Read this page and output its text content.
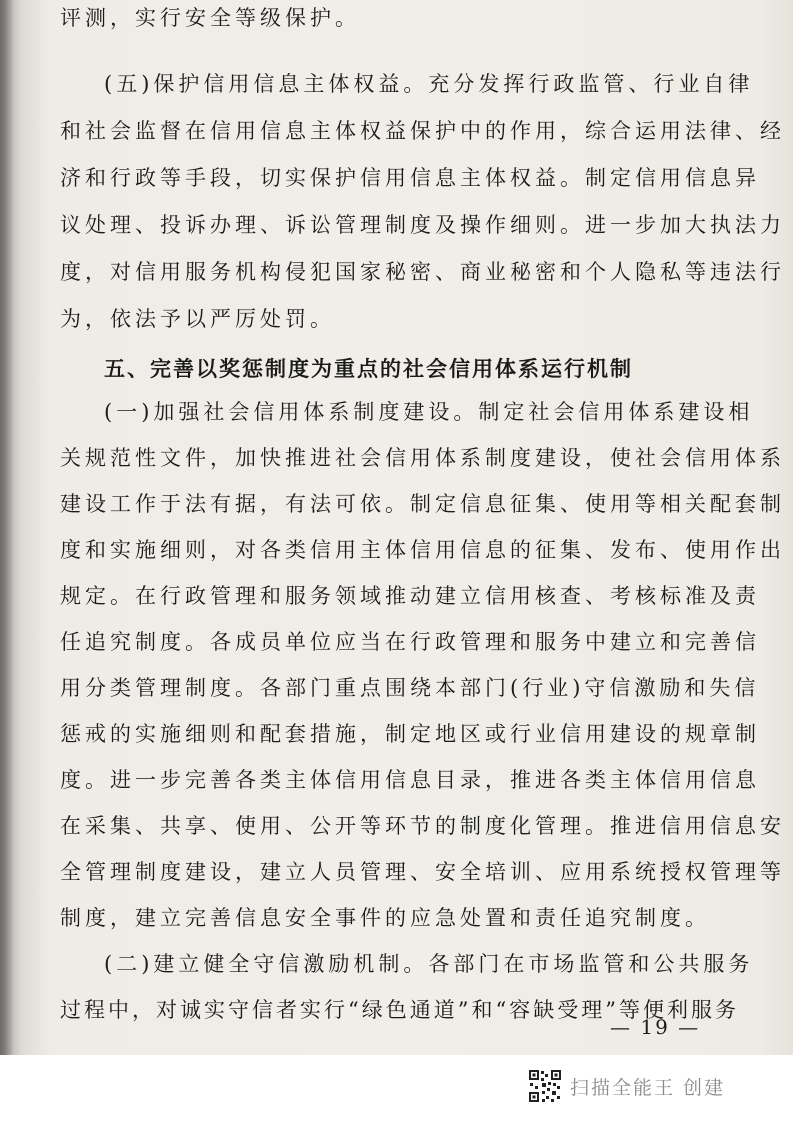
评测，实行安全等级保护。
(五)保护信用信息主体权益。充分发挥行政监管、行业自律
和社会监督在信用信息主体权益保护中的作用，综合运用法律、经
济和行政等手段，切实保护信用信息主体权益。制定信用信息异
议处理、投诉办理、诉讼管理制度及操作细则。进一步加大执法力
度，对信用服务机构侵犯国家秘密、商业秘密和个人隐私等违法行
为，依法予以严厉处罚。
五、完善以奖惩制度为重点的社会信用体系运行机制
(一)加强社会信用体系制度建设。制定社会信用体系建设相
关规范性文件，加快推进社会信用体系制度建设，使社会信用体系
建设工作于法有据，有法可依。制定信息征集、使用等相关配套制
度和实施细则，对各类信用主体信用信息的征集、发布、使用作出
规定。在行政管理和服务领域推动建立信用核查、考核标准及责
任追究制度。各成员单位应当在行政管理和服务中建立和完善信
用分类管理制度。各部门重点围绕本部门(行业)守信激励和失信
惩戒的实施细则和配套措施，制定地区或行业信用建设的规章制
度。进一步完善各类主体信用信息目录，推进各类主体信用信息
在采集、共享、使用、公开等环节的制度化管理。推进信用信息安
全管理制度建设，建立人员管理、安全培训、应用系统授权管理等
制度，建立完善信息安全事件的应急处置和责任追究制度。
(二)建立健全守信激励机制。各部门在市场监管和公共服务
过程中，对诚实守信者实行“绿色通道”和“容缺受理”等便利服务
— 19 —
扫描全能王 创建
